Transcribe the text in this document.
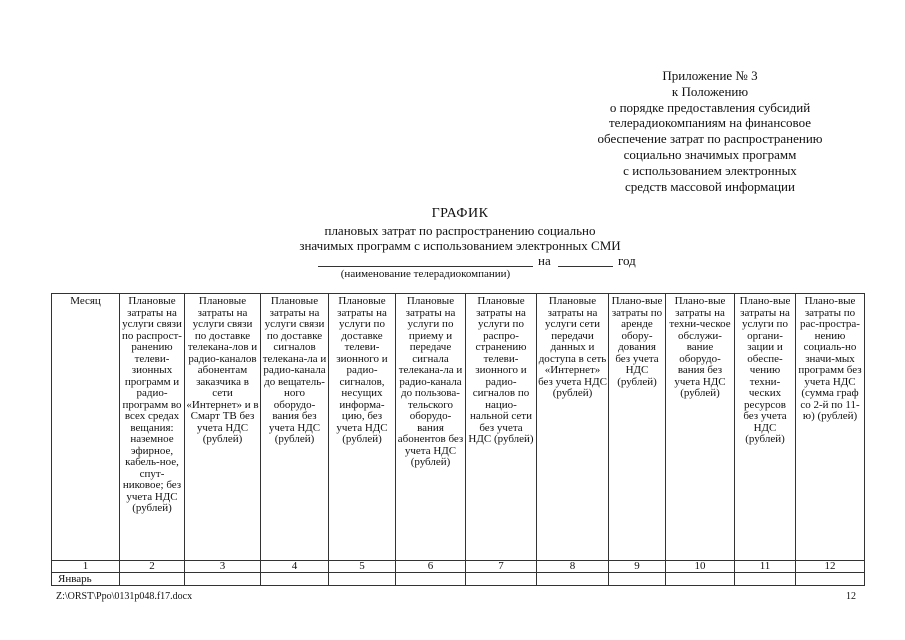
Приложение № 3
к Положению
о порядке предоставления субсидий
телерадиокомпаниям на финансовое
обеспечение затрат по распространению
социально значимых программ
с использованием электронных
средств массовой информации
ГРАФИК
плановых затрат по распространению социально
значимых программ с использованием электронных СМИ
на	год
(наименование телерадиокомпании)
Месяц	Плановые затраты на услуги связи по распрост-ранению телеви-зионных программ и радио-программ во всех средах вещания: наземное эфирное, кабель-ное, спут-никовое; без учета НДС (рублей)	Плановые затраты на услуги связи по доставке телекана-лов и радио-каналов абонентам заказчика в сети «Интернет» и в Смарт ТВ без учета НДС (рублей)	Плановые затраты на услуги связи по доставке сигналов телекана-ла и радио-канала до вещатель-ного оборудо-вания без учета НДС (рублей)	Плановые затраты на услуги по доставке телеви-зионного и радио-сигналов, несущих информа-цию, без учета НДС (рублей)	Плановые затраты на услуги по приему и передаче сигнала телекана-ла и радио-канала до пользова-тельского оборудо-вания абонентов без учета НДС (рублей)	Плановые затраты на услуги по распро-странению телеви-зионного и радио-сигналов по нацио-нальной сети без учета НДС (рублей)	Плановые затраты на услуги сети передачи данных и доступа в сеть «Интернет» без учета НДС (рублей)	Плано-вые затраты по аренде обору-дования без учета НДС (рублей)	Плано-вые затраты на техни-ческое обслужи-вание оборудо-вания без учета НДС (рублей)	Плано-вые затраты на услуги по органи-зации и обеспе-чению техни-ческих ресурсов без учета НДС (рублей)	Плано-вые затраты по рас-простра-нению социаль-но значи-мых программ без учета НДС (сумма граф со 2-й по 11-ю) (рублей)
1	2	3	4	5	6	7	8	9	10	11	12
Январь											
Z:\ORST\Ppo\0131p048.f17.docx	12
